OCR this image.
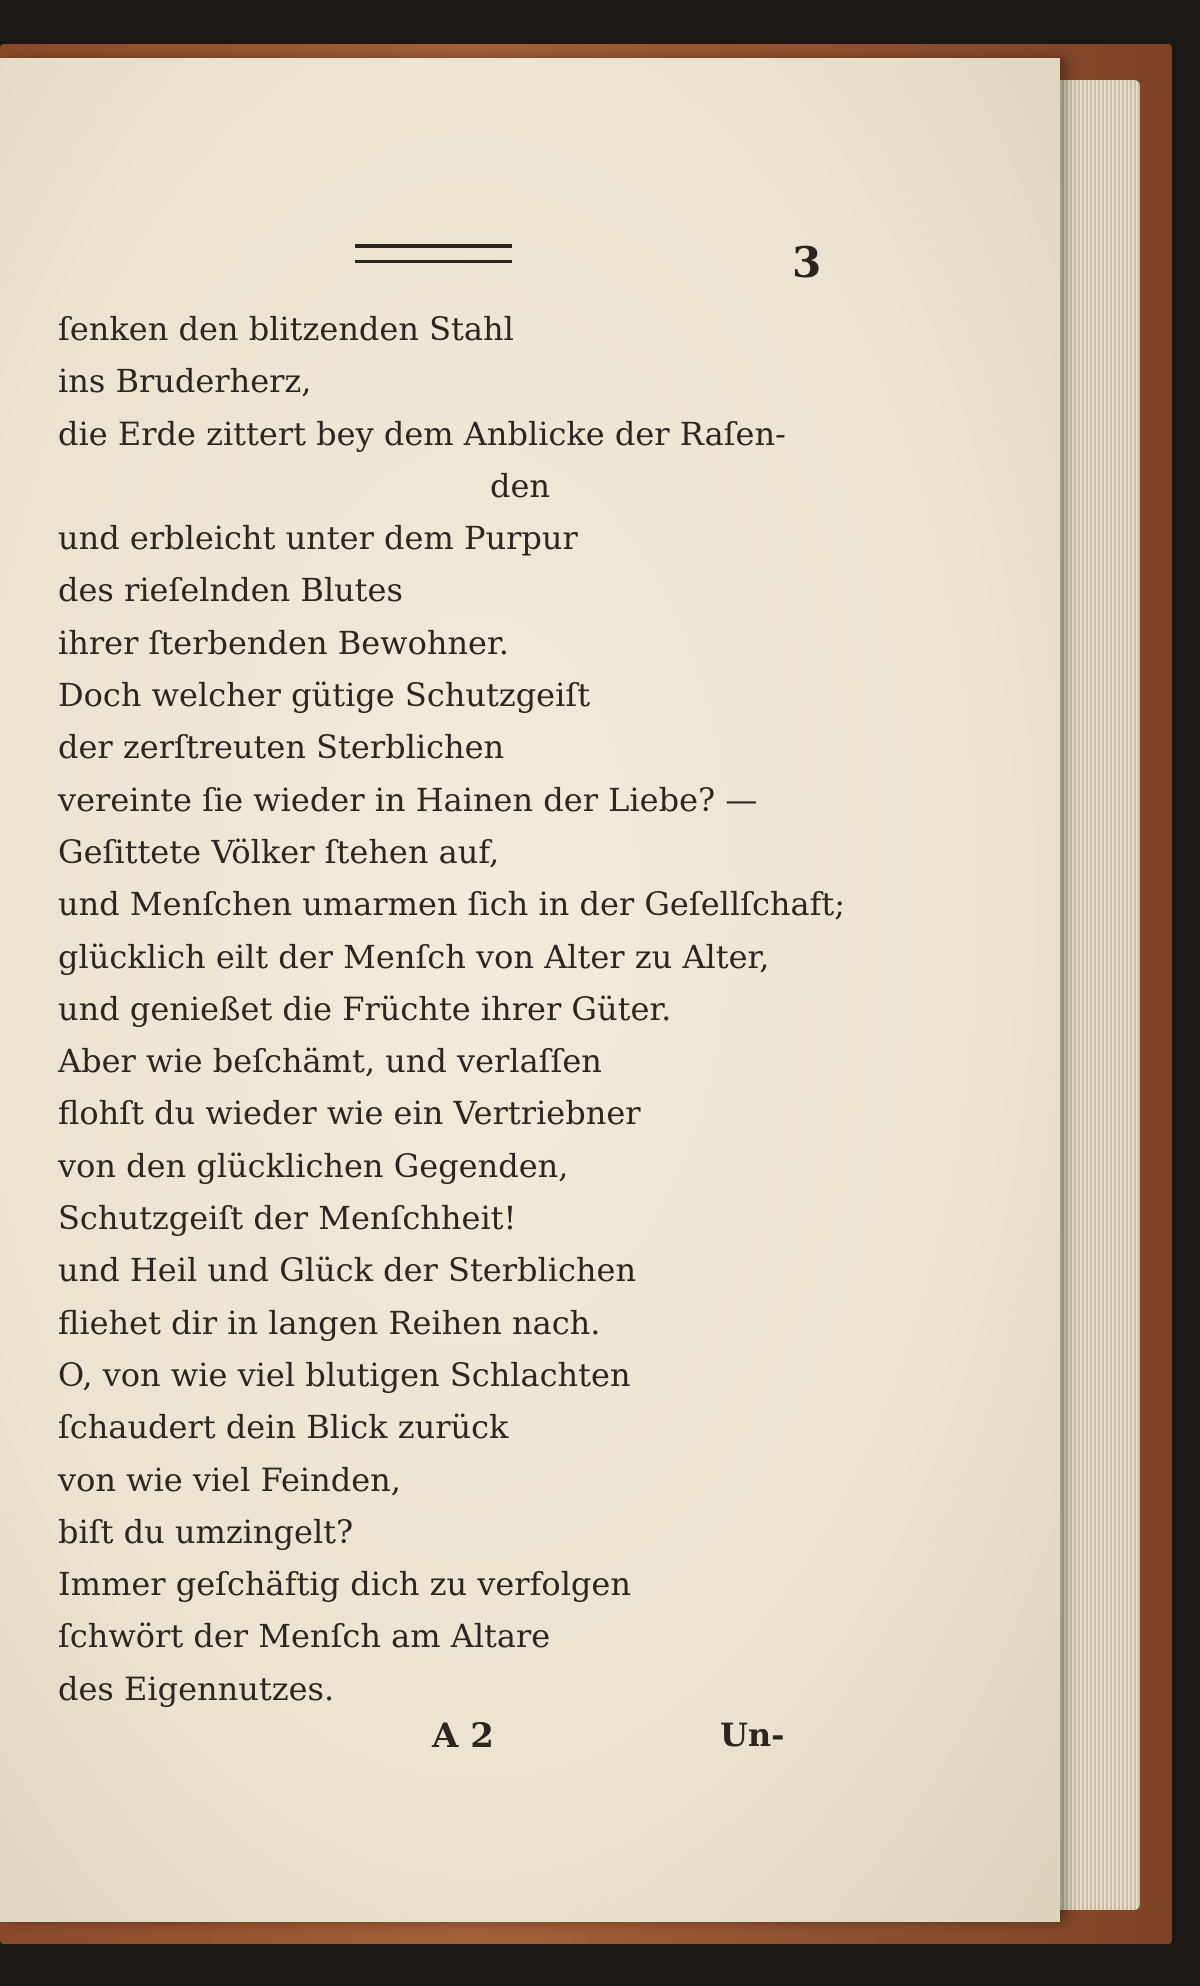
3
ſenken den blitzenden Stahl
ins Bruderherz,
die Erde zittert bey dem Anblicke der Raſen-
den
und erbleicht unter dem Purpur
des rieſelnden Blutes
ihrer ſterbenden Bewohner.
Doch welcher gütige Schutzgeiſt
der zerſtreuten Sterblichen
vereinte ſie wieder in Hainen der Liebe? —
Geſittete Völker ſtehen auf,
und Menſchen umarmen ſich in der Geſellſchaft;
glücklich eilt der Menſch von Alter zu Alter,
und genießet die Früchte ihrer Güter.
Aber wie beſchämt, und verlaſſen
flohſt du wieder wie ein Vertriebner
von den glücklichen Gegenden,
Schutzgeiſt der Menſchheit!
und Heil und Glück der Sterblichen
fliehet dir in langen Reihen nach.
O, von wie viel blutigen Schlachten
ſchaudert dein Blick zurück
von wie viel Feinden,
biſt du umzingelt?
Immer geſchäftig dich zu verfolgen
ſchwört der Menſch am Altare
des Eigennutzes.
A 2	Un-
